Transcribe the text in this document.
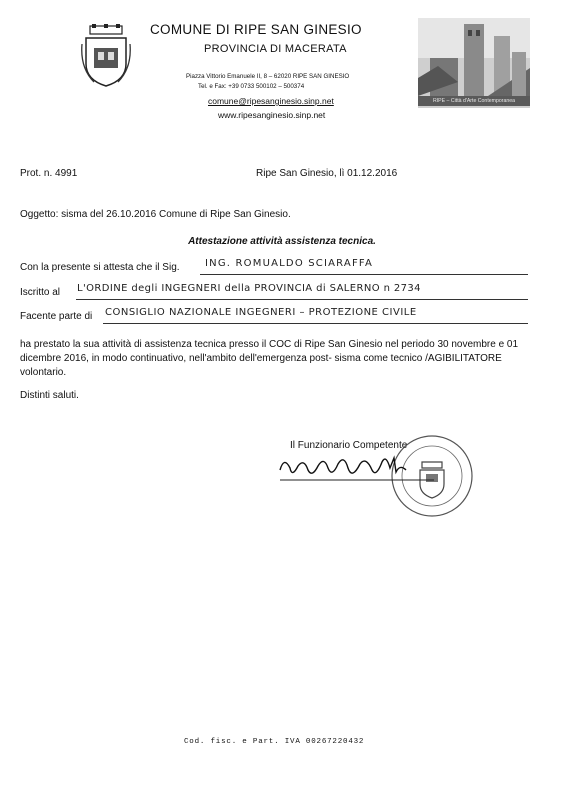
COMUNE DI RIPE SAN GINESIO
PROVINCIA DI MACERATA
Piazza Vittorio Emanuele II, 8 – 62020 RIPE SAN GINESIO
Tel. e Fax: +39 0733 500102 – 500374
comune@ripesanginesio.sinp.net
www.ripesanginesio.sinp.net
RIPE – Città d'Arte Contemporanea
Prot. n. 4991	Ripe San Ginesio, lì 01.12.2016
Oggetto: sisma del 26.10.2016 Comune di Ripe San Ginesio.
Attestazione attività assistenza tecnica.
Con la presente si attesta che il Sig.	ING. ROMUALDO SCIARAFFA
Iscritto al L'ORDINE degli INGEGNERI della PROVINCIA di SALERNO n 2734
Facente parte di CONSIGLIO NAZIONALE INGEGNERI – PROTEZIONE CIVILE
ha prestato la sua attività di assistenza tecnica presso il COC di Ripe San Ginesio nel periodo 30 novembre e 01 dicembre 2016, in modo continuativo, nell'ambito dell'emergenza post- sisma come tecnico /AGIBILITATORE volontario.
Distinti saluti.
Il Funzionario Competente
Cod. fisc. e Part. IVA 00267220432
